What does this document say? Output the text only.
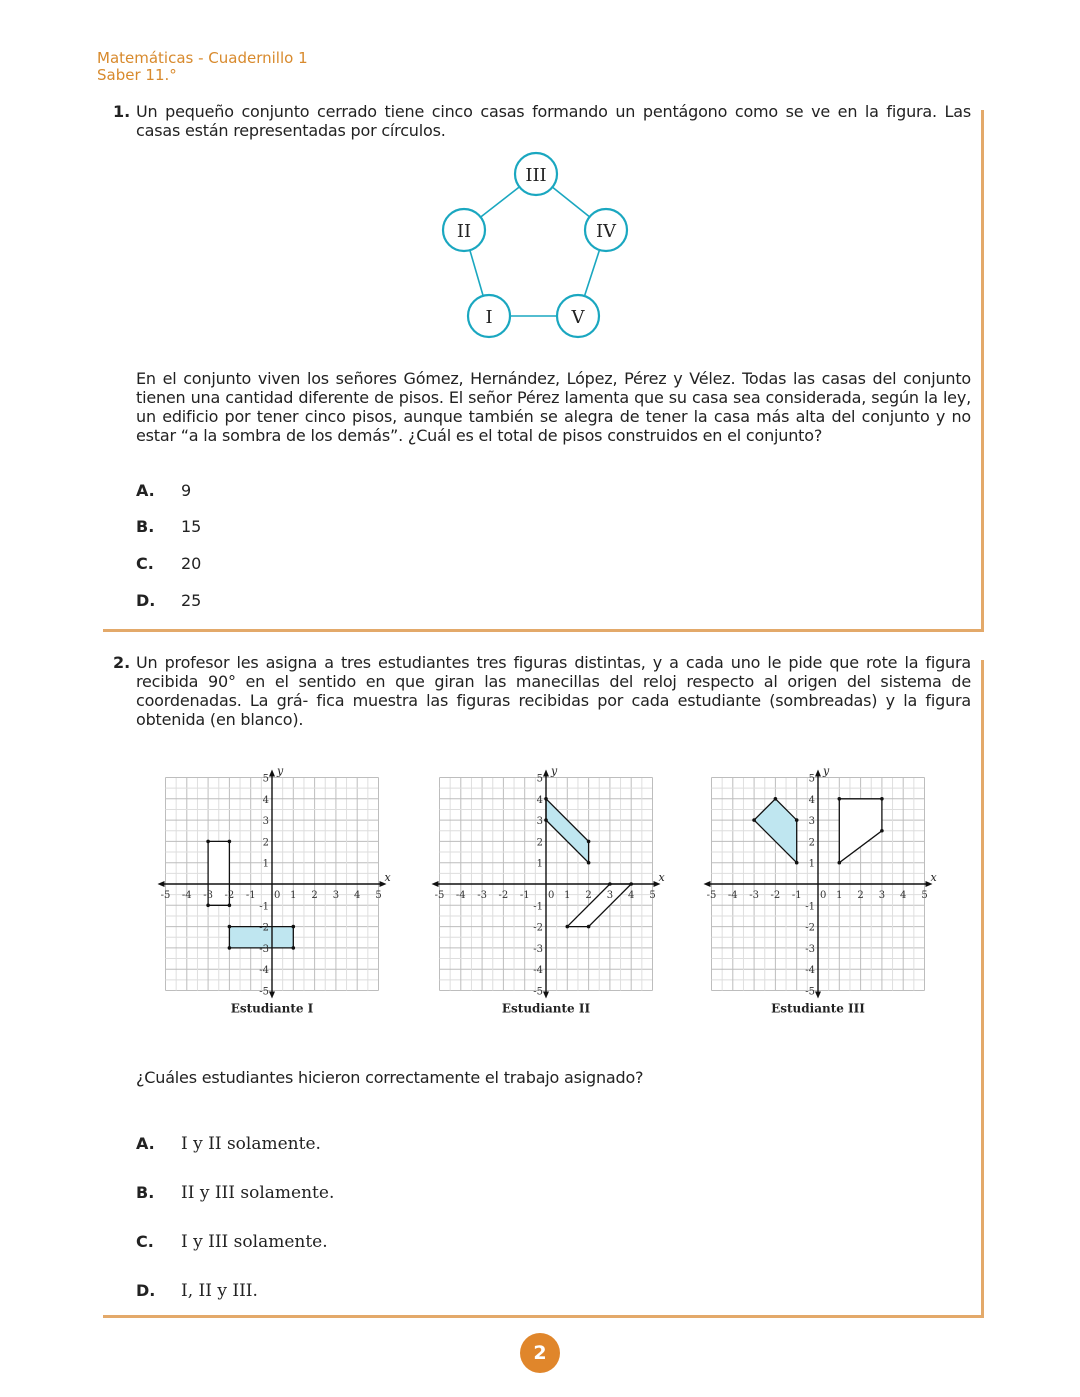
Matemáticas - Cuadernillo 1
Saber 11.°
1. Un pequeño conjunto cerrado tiene cinco casas formando un pentágono como se ve en la figura. Las casas están representadas por círculos.
III
II	IV
I	V
En el conjunto viven los señores Gómez, Hernández, López, Pérez y Vélez. Todas las casas del conjunto tienen una cantidad diferente de pisos. El señor Pérez lamenta que su casa sea considerada, según la ley, un edificio por tener cinco pisos, aunque también se alegra de tener la casa más alta del conjunto y no estar “a la sombra de los demás”. ¿Cuál es el total de pisos construidos en el conjunto?
A. 9
B. 15
C. 20
D. 25
2. Un profesor les asigna a tres estudiantes tres figuras distintas, y a cada uno le pide que rote la figura recibida 90° en el sentido en que giran las manecillas del reloj respecto al origen del sistema de coordenadas. La grá- fica muestra las figuras recibidas por cada estudiante (sombreadas) y la figura obtenida (en blanco).
x
y
-5
-5
-4
-4
-3
-3
-2
-2
-1
-1
1
1
2
2
3
3
4
4
5
5
0
Estudiante I
x
y
-5
-5
-4
-4
-3
-3
-2
-2
-1
-1
1
1
2
2
3
3
4
4
5
5
0
Estudiante II
x
y
-5
-5
-4
-4
-3
-3
-2
-2
-1
-1
1
1
2
2
3
3
4
4
5
5
0
Estudiante III
¿Cuáles estudiantes hicieron correctamente el trabajo asignado?
A. I y II solamente.
B. II y III solamente.
C. I y III solamente.
D. I, II y III.
2
